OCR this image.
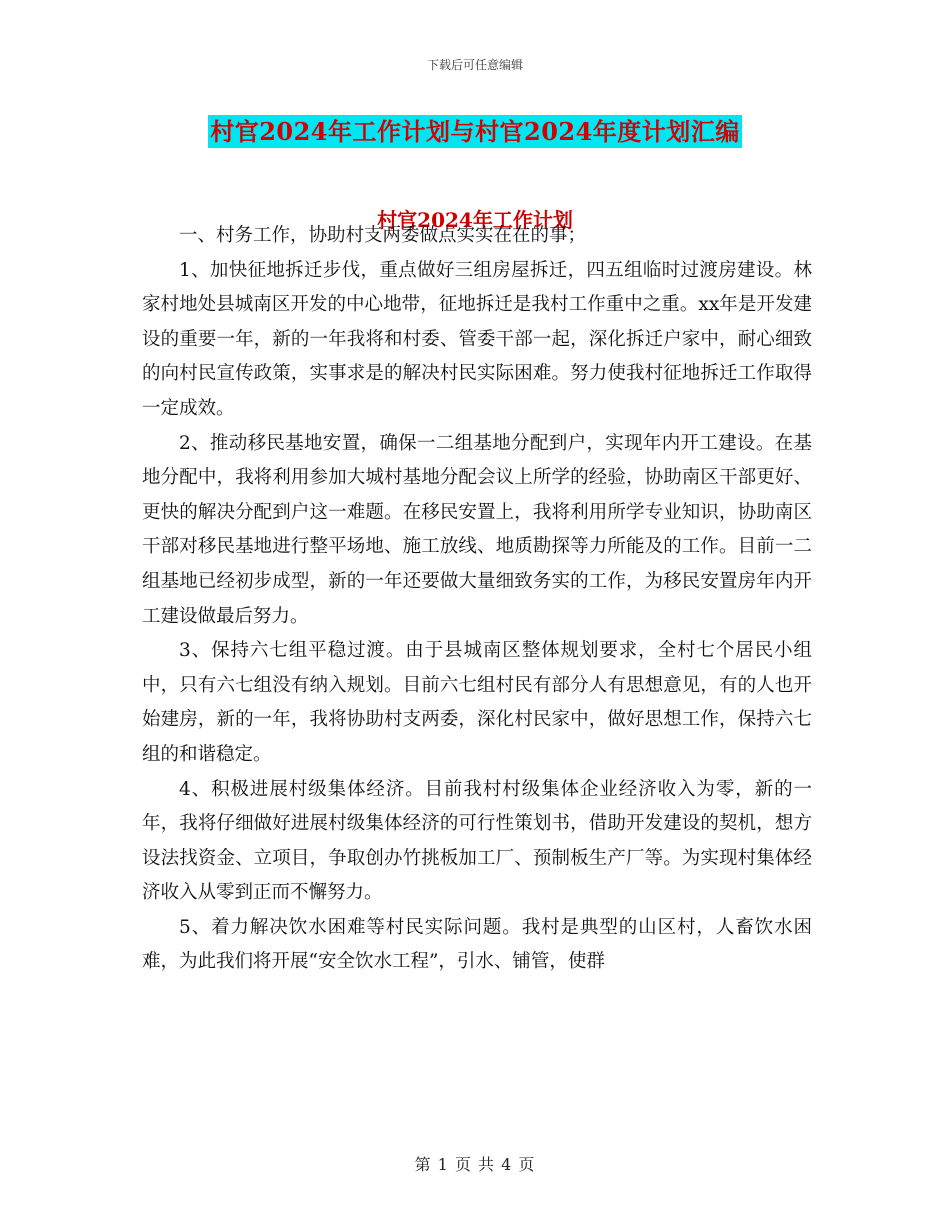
下载后可任意编辑
村官2024年工作计划与村官2024年度计划汇编
村官2024年工作计划

一、村务工作，协助村支两委做点实实在在的事；

1、加快征地拆迁步伐，重点做好三组房屋拆迁，四五组临时过渡房建设。林家村地处县城南区开发的中心地带，征地拆迁是我村工作重中之重。xx年是开发建设的重要一年，新的一年我将和村委、管委干部一起，深化拆迁户家中，耐心细致的向村民宣传政策，实事求是的解决村民实际困难。努力使我村征地拆迁工作取得一定成效。

2、推动移民基地安置，确保一二组基地分配到户，实现年内开工建设。在基地分配中，我将利用参加大城村基地分配会议上所学的经验，协助南区干部更好、更快的解决分配到户这一难题。在移民安置上，我将利用所学专业知识，协助南区干部对移民基地进行整平场地、施工放线、地质勘探等力所能及的工作。目前一二组基地已经初步成型，新的一年还要做大量细致务实的工作，为移民安置房年内开工建设做最后努力。

3、保持六七组平稳过渡。由于县城南区整体规划要求，全村七个居民小组中，只有六七组没有纳入规划。目前六七组村民有部分人有思想意见，有的人也开始建房，新的一年，我将协助村支两委，深化村民家中，做好思想工作，保持六七组的和谐稳定。

4、积极进展村级集体经济。目前我村村级集体企业经济收入为零，新的一年，我将仔细做好进展村级集体经济的可行性策划书，借助开发建设的契机，想方设法找资金、立项目，争取创办竹挑板加工厂、预制板生产厂等。为实现村集体经济收入从零到正而不懈努力。

5、着力解决饮水困难等村民实际问题。我村是典型的山区村，人畜饮水困难，为此我们将开展“安全饮水工程”，引水、铺管，使群

第 1 页 共 4 页
